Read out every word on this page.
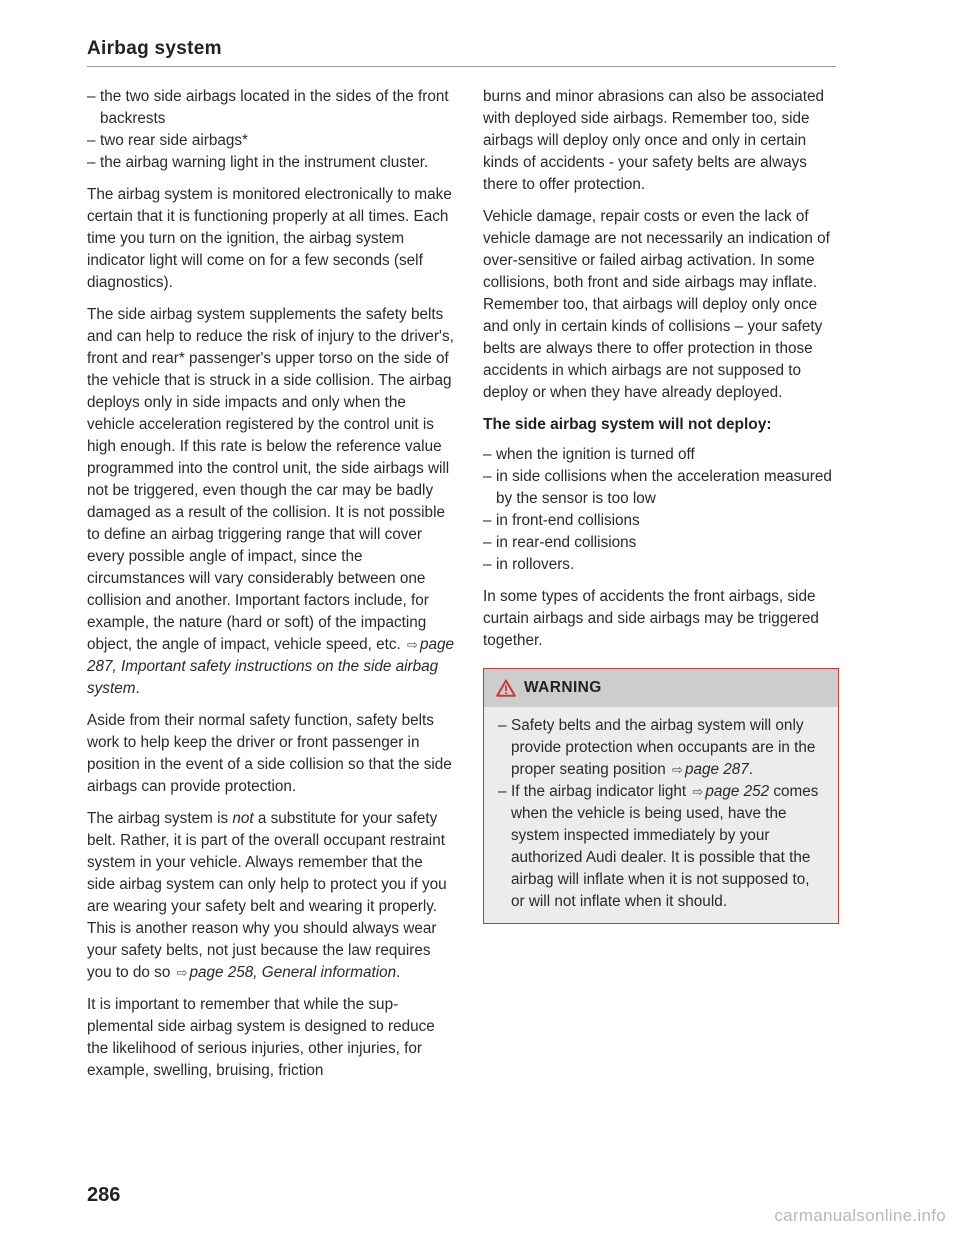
Airbag system
– the two side airbags located in the sides of the front backrests
– two rear side airbags*
– the airbag warning light in the instrument cluster.

The airbag system is monitored electronically to make certain that it is functioning properly at all times. Each time you turn on the ignition, the airbag system indicator light will come on for a few seconds (self diagnostics).

The side airbag system supplements the safety belts and can help to reduce the risk of injury to the driver's, front and rear* passenger's upper torso on the side of the vehicle that is struck in a side collision. The airbag deploys only in side impacts and only when the vehicle acceleration registered by the control unit is high enough. If this rate is below the reference value programmed into the control unit, the side airbags will not be triggered, even though the car may be badly damaged as a result of the collision. It is not possible to define an airbag triggering range that will cover every possible angle of impact, since the circumstances will vary considerably between one collision and another. Important factors include, for example, the nature (hard or soft) of the impacting object, the angle of impact, vehicle speed, etc. ⇨ page 287, Important safety instructions on the side airbag system.

Aside from their normal safety function, safety belts work to help keep the driver or front passenger in position in the event of a side collision so that the side airbags can provide protection.

The airbag system is not a substitute for your safety belt. Rather, it is part of the overall occupant restraint system in your vehicle. Always remember that the side airbag system can only help to protect you if you are wearing your safety belt and wearing it properly. This is another reason why you should always wear your safety belts, not just because the law requires you to do so ⇨ page 258, General information.

It is important to remember that while the supplemental side airbag system is designed to reduce the likelihood of serious injuries, other injuries, for example, swelling, bruising, friction

burns and minor abrasions can also be associated with deployed side airbags. Remember too, side airbags will deploy only once and only in certain kinds of accidents - your safety belts are always there to offer protection.

Vehicle damage, repair costs or even the lack of vehicle damage are not necessarily an indication of over-sensitive or failed airbag activation. In some collisions, both front and side airbags may inflate. Remember too, that airbags will deploy only once and only in certain kinds of collisions – your safety belts are always there to offer protection in those accidents in which airbags are not supposed to deploy or when they have already deployed.

The side airbag system will not deploy:
– when the ignition is turned off
– in side collisions when the acceleration measured by the sensor is too low
– in front-end collisions
– in rear-end collisions
– in rollovers.

In some types of accidents the front airbags, side curtain airbags and side airbags may be triggered together.

WARNING
– Safety belts and the airbag system will only provide protection when occupants are in the proper seating position ⇨ page 287.
– If the airbag indicator light ⇨ page 252 comes when the vehicle is being used, have the system inspected immediately by your authorized Audi dealer. It is possible that the airbag will inflate when it is not supposed to, or will not inflate when it should.
286
carmanualsonline.info
